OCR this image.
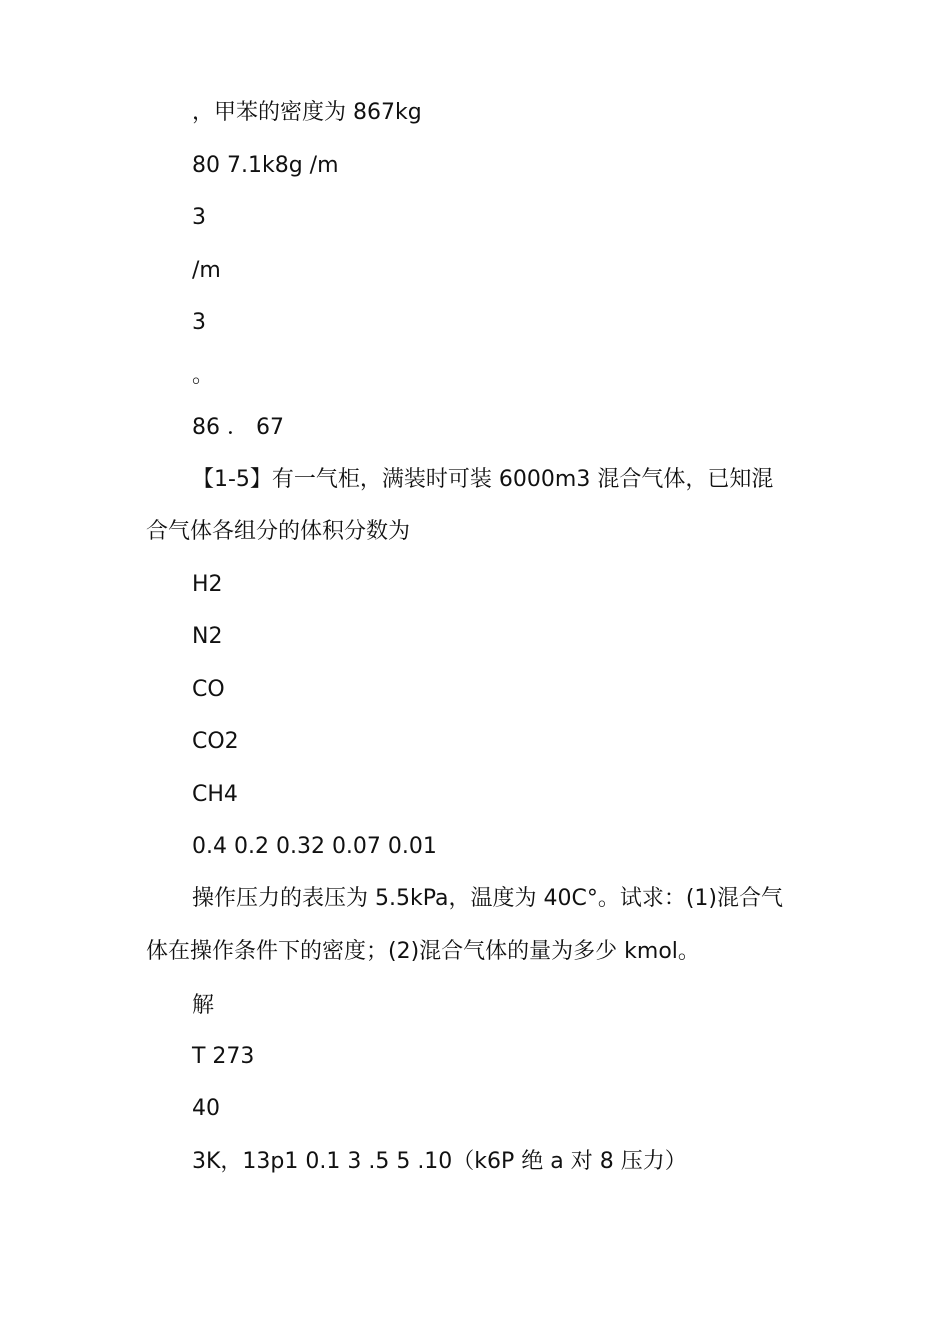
，甲苯的密度为 867kg
80 7.1k8g /m
3
/m
3
。
86 ． 67
【1-5】有一气柜，满装时可装 6000m3 混合气体，已知混
合气体各组分的体积分数为
H2
N2
CO
CO2
CH4
0.4 0.2 0.32 0.07 0.01
操作压力的表压为 5.5kPa，温度为 40C°。试求：(1)混合气
体在操作条件下的密度；(2)混合气体的量为多少 kmol。
解
T 273
40
3K，13p1 0.1 3 .5 5 .10（k6P 绝 a 对 8 压力）
